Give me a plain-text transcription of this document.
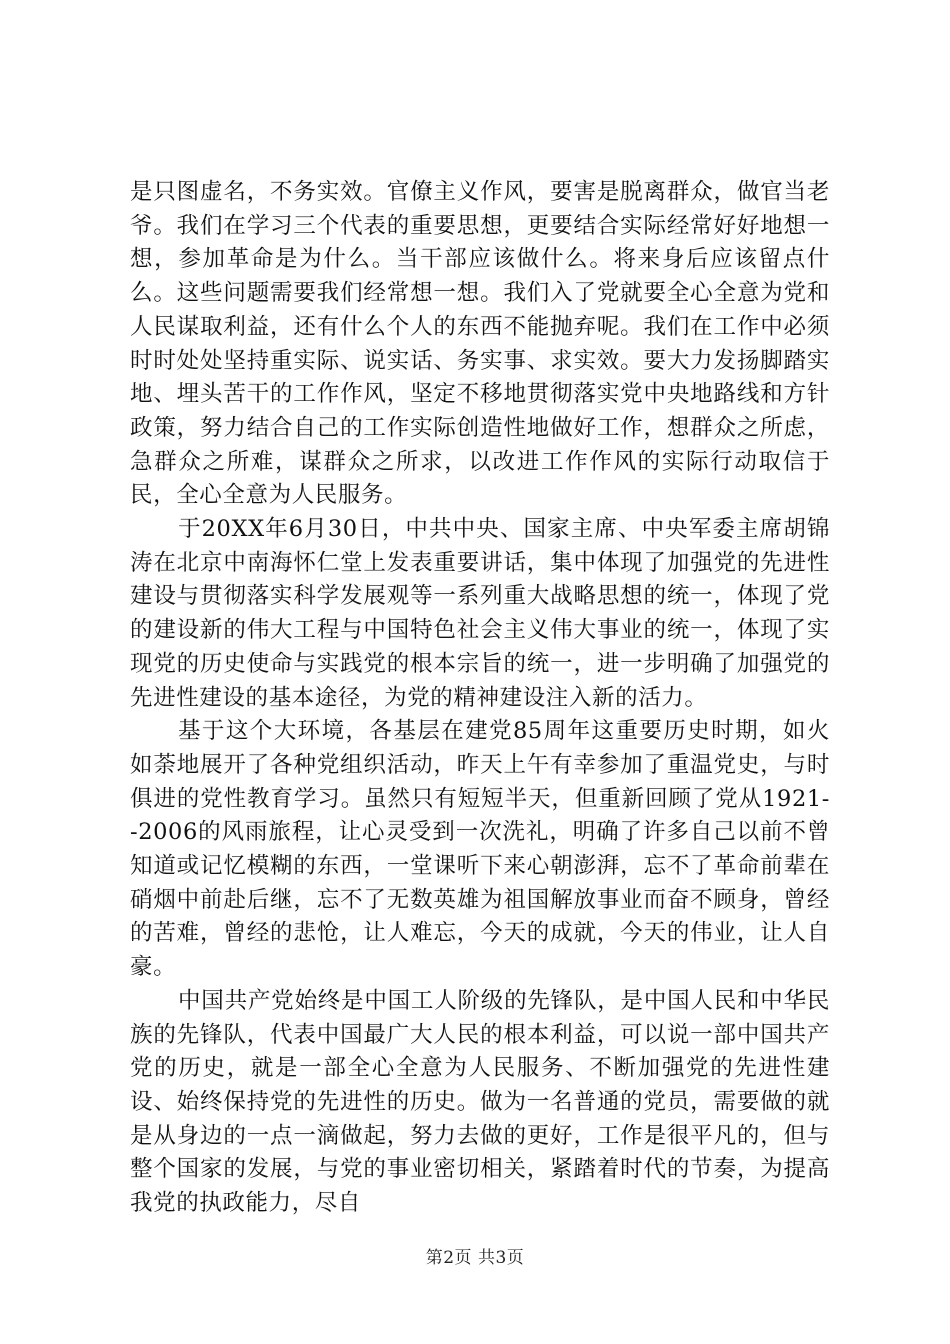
是只图虚名，不务实效。官僚主义作风，要害是脱离群众，做官当老爷。我们在学习三个代表的重要思想，更要结合实际经常好好地想一想，参加革命是为什么。当干部应该做什么。将来身后应该留点什么。这些问题需要我们经常想一想。我们入了党就要全心全意为党和人民谋取利益，还有什么个人的东西不能抛弃呢。我们在工作中必须时时处处坚持重实际、说实话、务实事、求实效。要大力发扬脚踏实地、埋头苦干的工作作风，坚定不移地贯彻落实党中央地路线和方针政策，努力结合自己的工作实际创造性地做好工作，想群众之所虑，急群众之所难，谋群众之所求，以改进工作作风的实际行动取信于民，全心全意为人民服务。

于20XX年6月30日，中共中央、国家主席、中央军委主席胡锦涛在北京中南海怀仁堂上发表重要讲话，集中体现了加强党的先进性建设与贯彻落实科学发展观等一系列重大战略思想的统一，体现了党的建设新的伟大工程与中国特色社会主义伟大事业的统一，体现了实现党的历史使命与实践党的根本宗旨的统一，进一步明确了加强党的先进性建设的基本途径，为党的精神建设注入新的活力。

基于这个大环境，各基层在建党85周年这重要历史时期，如火如荼地展开了各种党组织活动，昨天上午有幸参加了重温党史，与时俱进的党性教育学习。虽然只有短短半天，但重新回顾了党从1921--2006的风雨旅程，让心灵受到一次洗礼，明确了许多自己以前不曾知道或记忆模糊的东西，一堂课听下来心朝澎湃，忘不了革命前辈在硝烟中前赴后继，忘不了无数英雄为祖国解放事业而奋不顾身，曾经的苦难，曾经的悲怆，让人难忘，今天的成就，今天的伟业，让人自豪。

中国共产党始终是中国工人阶级的先锋队，是中国人民和中华民族的先锋队，代表中国最广大人民的根本利益，可以说一部中国共产党的历史，就是一部全心全意为人民服务、不断加强党的先进性建设、始终保持党的先进性的历史。做为一名普通的党员，需要做的就是从身边的一点一滴做起，努力去做的更好，工作是很平凡的，但与整个国家的发展，与党的事业密切相关，紧踏着时代的节奏，为提高我党的执政能力，尽自

第2页 共3页
